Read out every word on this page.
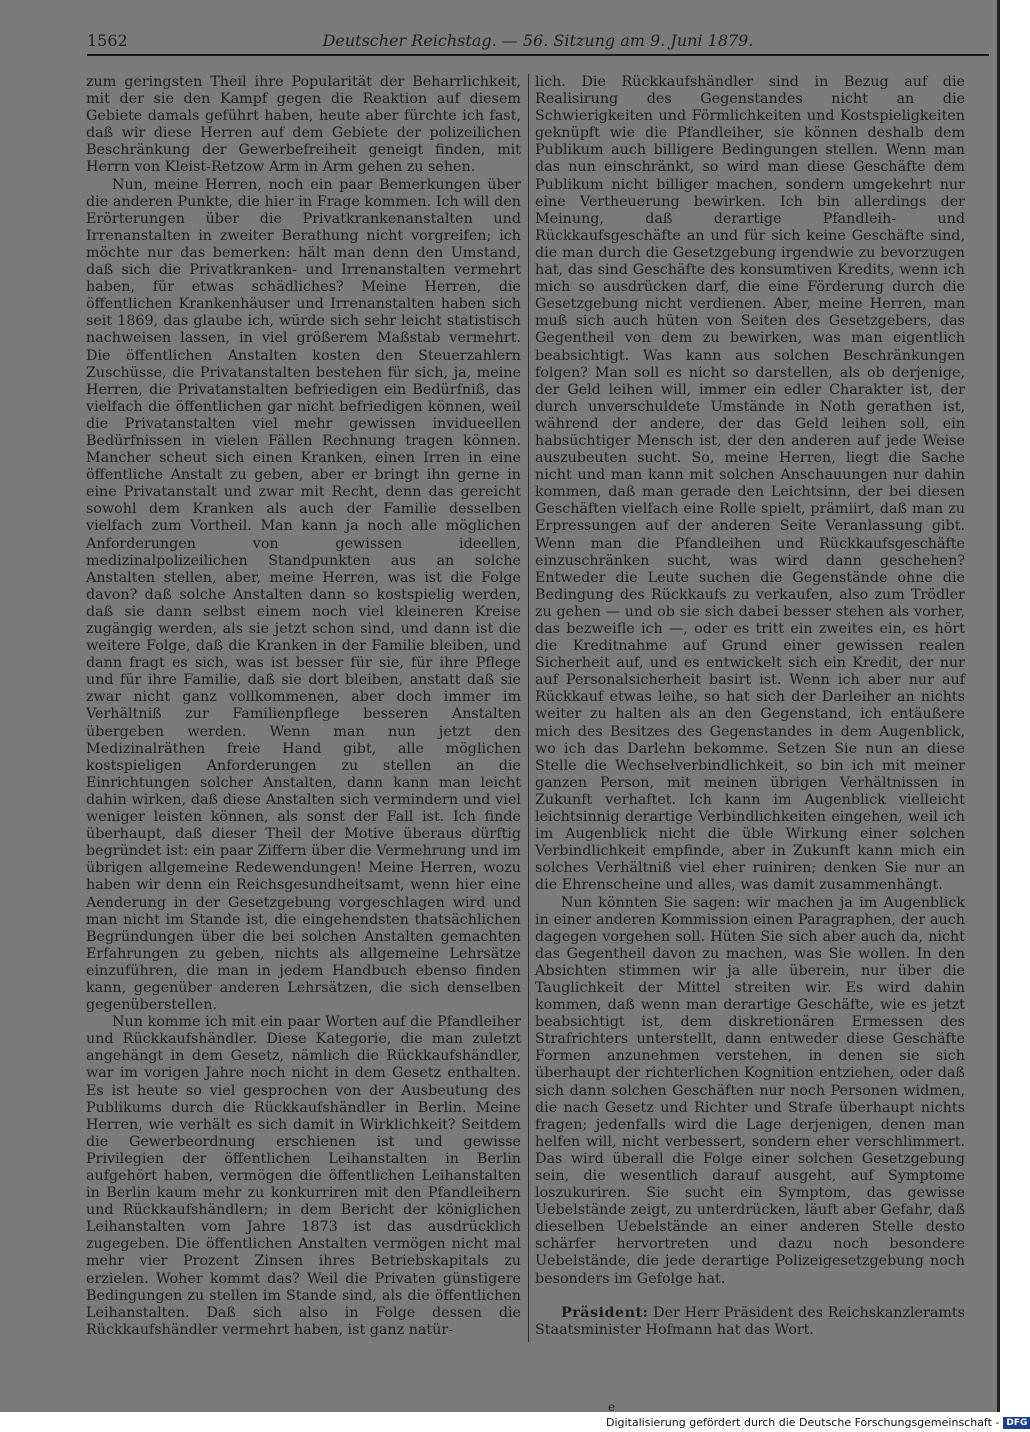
1562	Deutscher Reichstag. — 56. Sitzung am 9. Juni 1879.

zum geringsten Theil ihre Popularität der Beharrlichkeit, mit der sie den Kampf gegen die Reaktion auf diesem Gebiete damals geführt haben, heute aber fürchte ich fast, daß wir diese Herren auf dem Gebiete der polizeilichen Beschränkung der Gewerbefreiheit geneigt finden, mit Herrn von Kleist-Retzow Arm in Arm gehen zu sehen.

Nun, meine Herren, noch ein paar Bemerkungen über die anderen Punkte, die hier in Frage kommen. Ich will den Erörterungen über die Privatkrankenanstalten und Irrenanstalten in zweiter Berathung nicht vorgreifen; ich möchte nur das bemerken: hält man denn den Umstand, daß sich die Privatkranken- und Irrenanstalten vermehrt haben, für etwas schädliches? Meine Herren, die öffentlichen Krankenhäuser und Irrenanstalten haben sich seit 1869, das glaube ich, würde sich sehr leicht statistisch nachweisen lassen, in viel größerem Maßstab vermehrt. Die öffentlichen Anstalten kosten den Steuerzahlern Zuschüsse, die Privatanstalten bestehen für sich, ja, meine Herren, die Privatanstalten befriedigen ein Bedürfniß, das vielfach die öffentlichen gar nicht befriedigen können, weil die Privatanstalten viel mehr gewissen invidueellen Bedürfnissen in vielen Fällen Rechnung tragen können. Mancher scheut sich einen Kranken, einen Irren in eine öffentliche Anstalt zu geben, aber er bringt ihn gerne in eine Privatanstalt und zwar mit Recht, denn das gereicht sowohl dem Kranken als auch der Familie desselben vielfach zum Vortheil. Man kann ja noch alle möglichen Anforderungen von gewissen ideellen, medizinalpolizeilichen Standpunkten aus an solche Anstalten stellen, aber, meine Herren, was ist die Folge davon? daß solche Anstalten dann so kostspielig werden, daß sie dann selbst einem noch viel kleineren Kreise zugängig werden, als sie jetzt schon sind, und dann ist die weitere Folge, daß die Kranken in der Familie bleiben, und dann fragt es sich, was ist besser für sie, für ihre Pflege und für ihre Familie, daß sie dort bleiben, anstatt daß sie zwar nicht ganz vollkommenen, aber doch immer im Verhältniß zur Familienpflege besseren Anstalten übergeben werden. Wenn man nun jetzt den Medizinalräthen freie Hand gibt, alle möglichen kostspieligen Anforderungen zu stellen an die Einrichtungen solcher Anstalten, dann kann man leicht dahin wirken, daß diese Anstalten sich vermindern und viel weniger leisten können, als sonst der Fall ist. Ich finde überhaupt, daß dieser Theil der Motive überaus dürftig begründet ist: ein paar Ziffern über die Vermehrung und im übrigen allgemeine Redewendungen! Meine Herren, wozu haben wir denn ein Reichsgesundheitsamt, wenn hier eine Aenderung in der Gesetzgebung vorgeschlagen wird und man nicht im Stande ist, die eingehendsten thatsächlichen Begründungen über die bei solchen Anstalten gemachten Erfahrungen zu geben, nichts als allgemeine Lehrsätze einzuführen, die man in jedem Handbuch ebenso finden kann, gegenüber anderen Lehrsätzen, die sich denselben gegenüberstellen.

Nun komme ich mit ein paar Worten auf die Pfandleiher und Rückkaufshändler. Diese Kategorie, die man zuletzt angehängt in dem Gesetz, nämlich die Rückkaufshändler, war im vorigen Jahre noch nicht in dem Gesetz enthalten. Es ist heute so viel gesprochen von der Ausbeutung des Publikums durch die Rückkaufshändler in Berlin. Meine Herren, wie verhält es sich damit in Wirklichkeit? Seitdem die Gewerbeordnung erschienen ist und gewisse Privilegien der öffentlichen Leihanstalten in Berlin aufgehört haben, vermögen die öffentlichen Leihanstalten in Berlin kaum mehr zu konkurriren mit den Pfandleihern und Rückkaufshändlern; in dem Bericht der königlichen Leihanstalten vom Jahre 1873 ist das ausdrücklich zugegeben. Die öffentlichen Anstalten vermögen nicht mal mehr vier Prozent Zinsen ihres Betriebskapitals zu erzielen. Woher kommt das? Weil die Privaten günstigere Bedingungen zu stellen im Stande sind, als die öffentlichen Leihanstalten. Daß sich also in Folge dessen die Rückkaufshändler vermehrt haben, ist ganz natür-

lich. Die Rückkaufshändler sind in Bezug auf die Realisirung des Gegenstandes nicht an die Schwierigkeiten und Förmlichkeiten und Kostspieligkeiten geknüpft wie die Pfandleiher, sie können deshalb dem Publikum auch billigere Bedingungen stellen. Wenn man das nun einschränkt, so wird man diese Geschäfte dem Publikum nicht billiger machen, sondern umgekehrt nur eine Vertheuerung bewirken. Ich bin allerdings der Meinung, daß derartige Pfandleih- und Rückkaufsgeschäfte an und für sich keine Geschäfte sind, die man durch die Gesetzgebung irgendwie zu bevorzugen hat, das sind Geschäfte des konsumtiven Kredits, wenn ich mich so ausdrücken darf, die eine Förderung durch die Gesetzgebung nicht verdienen. Aber, meine Herren, man muß sich auch hüten von Seiten des Gesetzgebers, das Gegentheil von dem zu bewirken, was man eigentlich beabsichtigt. Was kann aus solchen Beschränkungen folgen? Man soll es nicht so darstellen, als ob derjenige, der Geld leihen will, immer ein edler Charakter ist, der durch unverschuldete Umstände in Noth gerathen ist, während der andere, der das Geld leihen soll, ein habsüchtiger Mensch ist, der den anderen auf jede Weise auszubeuten sucht. So, meine Herren, liegt die Sache nicht und man kann mit solchen Anschauungen nur dahin kommen, daß man gerade den Leichtsinn, der bei diesen Geschäften vielfach eine Rolle spielt, prämiirt, daß man zu Erpressungen auf der anderen Seite Veranlassung gibt. Wenn man die Pfandleihen und Rückkaufsgeschäfte einzuschränken sucht, was wird dann geschehen? Entweder die Leute suchen die Gegenstände ohne die Bedingung des Rückkaufs zu verkaufen, also zum Trödler zu gehen — und ob sie sich dabei besser stehen als vorher, das bezweifle ich —, oder es tritt ein zweites ein, es hört die Kreditnahme auf Grund einer gewissen realen Sicherheit auf, und es entwickelt sich ein Kredit, der nur auf Personalsicherheit basirt ist. Wenn ich aber nur auf Rückkauf etwas leihe, so hat sich der Darleiher an nichts weiter zu halten als an den Gegenstand, ich entäußere mich des Besitzes des Gegenstandes in dem Augenblick, wo ich das Darlehn bekomme. Setzen Sie nun an diese Stelle die Wechselverbindlichkeit, so bin ich mit meiner ganzen Person, mit meinen übrigen Verhältnissen in Zukunft verhaftet. Ich kann im Augenblick vielleicht leichtsinnig derartige Verbindlichkeiten eingehen, weil ich im Augenblick nicht die üble Wirkung einer solchen Verbindlichkeit empfinde, aber in Zukunft kann mich ein solches Verhältniß viel eher ruiniren; denken Sie nur an die Ehrenscheine und alles, was damit zusammenhängt.

Nun könnten Sie sagen: wir machen ja im Augenblick in einer anderen Kommission einen Paragraphen, der auch dagegen vorgehen soll. Hüten Sie sich aber auch da, nicht das Gegentheil davon zu machen, was Sie wollen. In den Absichten stimmen wir ja alle überein, nur über die Tauglichkeit der Mittel streiten wir. Es wird dahin kommen, daß wenn man derartige Geschäfte, wie es jetzt beabsichtigt ist, dem diskretionären Ermessen des Strafrichters unterstellt, dann entweder diese Geschäfte Formen anzunehmen verstehen, in denen sie sich überhaupt der richterlichen Kognition entziehen, oder daß sich dann solchen Geschäften nur noch Personen widmen, die nach Gesetz und Richter und Strafe überhaupt nichts fragen; jedenfalls wird die Lage derjenigen, denen man helfen will, nicht verbessert, sondern eher verschlimmert. Das wird überall die Folge einer solchen Gesetzgebung sein, die wesentlich darauf ausgeht, auf Symptome loszukuriren. Sie sucht ein Symptom, das gewisse Uebelstände zeigt, zu unterdrücken, läuft aber Gefahr, daß dieselben Uebelstände an einer anderen Stelle desto schärfer hervortreten und dazu noch besondere Uebelstände, die jede derartige Polizeigesetzgebung noch besonders im Gefolge hat.

Präsident: Der Herr Präsident des Reichskanzleramts Staatsminister Hofmann hat das Wort.

e
Digitalisierung gefördert durch die Deutsche Forschungsgemeinschaft - DFG
